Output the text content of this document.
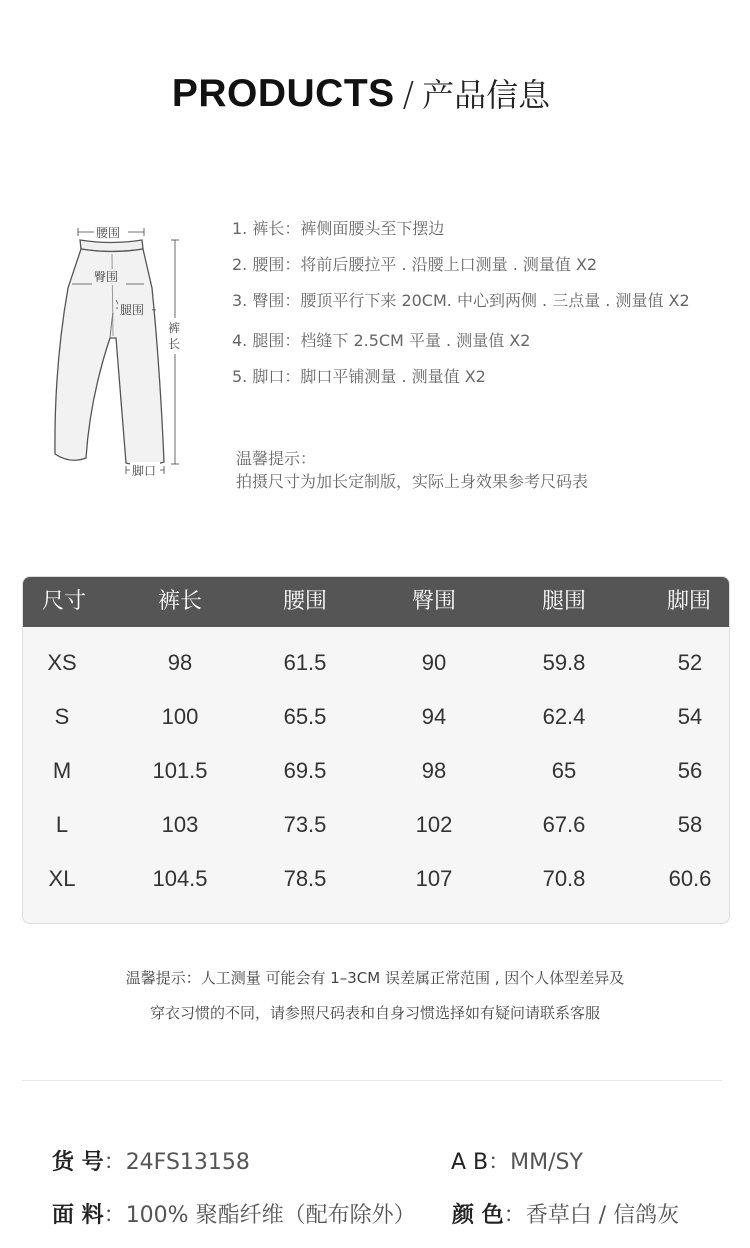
PRODUCTS / 产品信息
腰围
臀围
腿围
裤
长
脚口
1. 裤长：裤侧面腰头至下摆边
2. 腰围：将前后腰拉平 . 沿腰上口测量 . 测量值 X2
3. 臀围：腰顶平行下来 20CM. 中心到两侧 . 三点量 . 测量值 X2
4. 腿围：档缝下 2.5CM 平量 . 测量值 X2
5. 脚口：脚口平铺测量 . 测量值 X2
温馨提示：
拍摄尺寸为加长定制版，实际上身效果参考尺码表
尺寸	裤长	腰围	臀围	腿围	脚围
XS	98	61.5	90	59.8	52
S	100	65.5	94	62.4	54
M	101.5	69.5	98	65	56
L	103	73.5	102	67.6	58
XL	104.5	78.5	107	70.8	60.6
温馨提示：人工测量 可能会有 1–3CM 误差属正常范围 , 因个人体型差异及
穿衣习惯的不同，请参照尺码表和自身习惯选择如有疑问请联系客服
货 号：24FS13158	A B：MM/SY
面 料：100% 聚酯纤维（配布除外） 颜 色：香草白 / 信鸽灰
